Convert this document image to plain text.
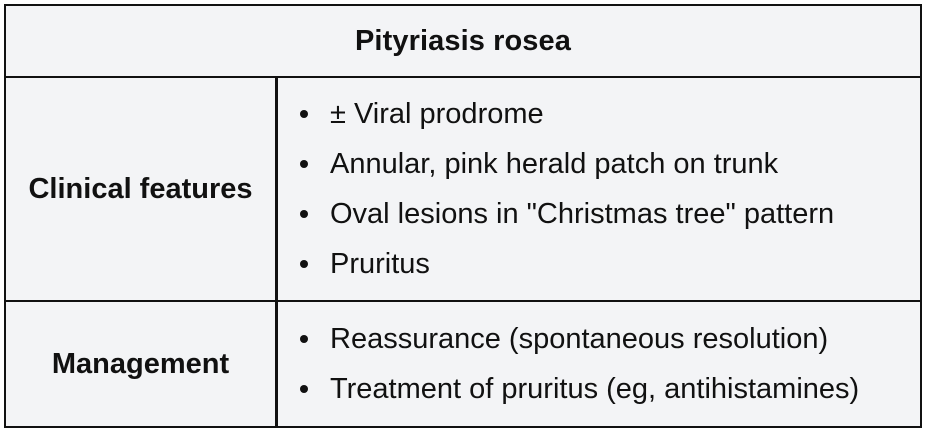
Pityriasis rosea
Clinical features
± Viral prodrome
Annular, pink herald patch on trunk
Oval lesions in "Christmas tree" pattern
Pruritus
Management
Reassurance (spontaneous resolution)
Treatment of pruritus (eg, antihistamines)
